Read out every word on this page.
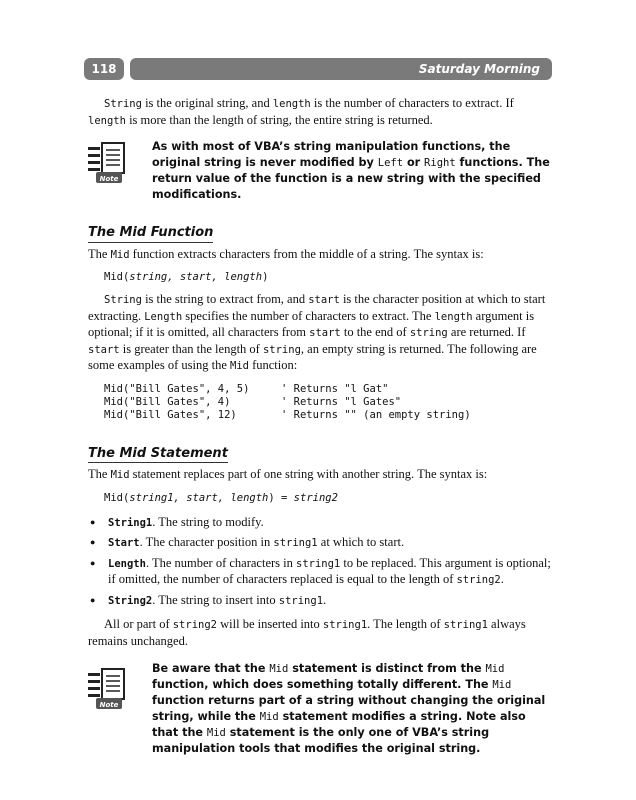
118	Saturday Morning

String is the original string, and length is the number of characters to extract. If length is more than the length of string, the entire string is returned.

Note
As with most of VBA’s string manipulation functions, the original string is never modified by Left or Right functions. The return value of the function is a new string with the specified modifications.
The Mid Function

The Mid function extracts characters from the middle of a string. The syntax is:

Mid(string, start, length)

String is the string to extract from, and start is the character position at which to start extracting. Length specifies the number of characters to extract. The length argument is optional; if it is omitted, all characters from start to the end of string are returned. If start is greater than the length of string, an empty string is returned. The following are some examples of using the Mid function:

Mid("Bill Gates", 4, 5)     ' Returns "l Gat"
Mid("Bill Gates", 4)        ' Returns "l Gates"
Mid("Bill Gates", 12)       ' Returns "" (an empty string)
The Mid Statement

The Mid statement replaces part of one string with another string. The syntax is:

Mid(string1, start, length) = string2
● String1. The string to modify.
● Start. The character position in string1 at which to start.
● Length. The number of characters in string1 to be replaced. This argument is optional; if omitted, the number of characters replaced is equal to the length of string2.
● String2. The string to insert into string1.

All or part of string2 will be inserted into string1. The length of string1 always remains unchanged.

Note
Be aware that the Mid statement is distinct from the Mid function, which does something totally different. The Mid function returns part of a string without changing the original string, while the Mid statement modifies a string. Note also that the Mid statement is the only one of VBA’s string manipulation tools that modifies the original string.
